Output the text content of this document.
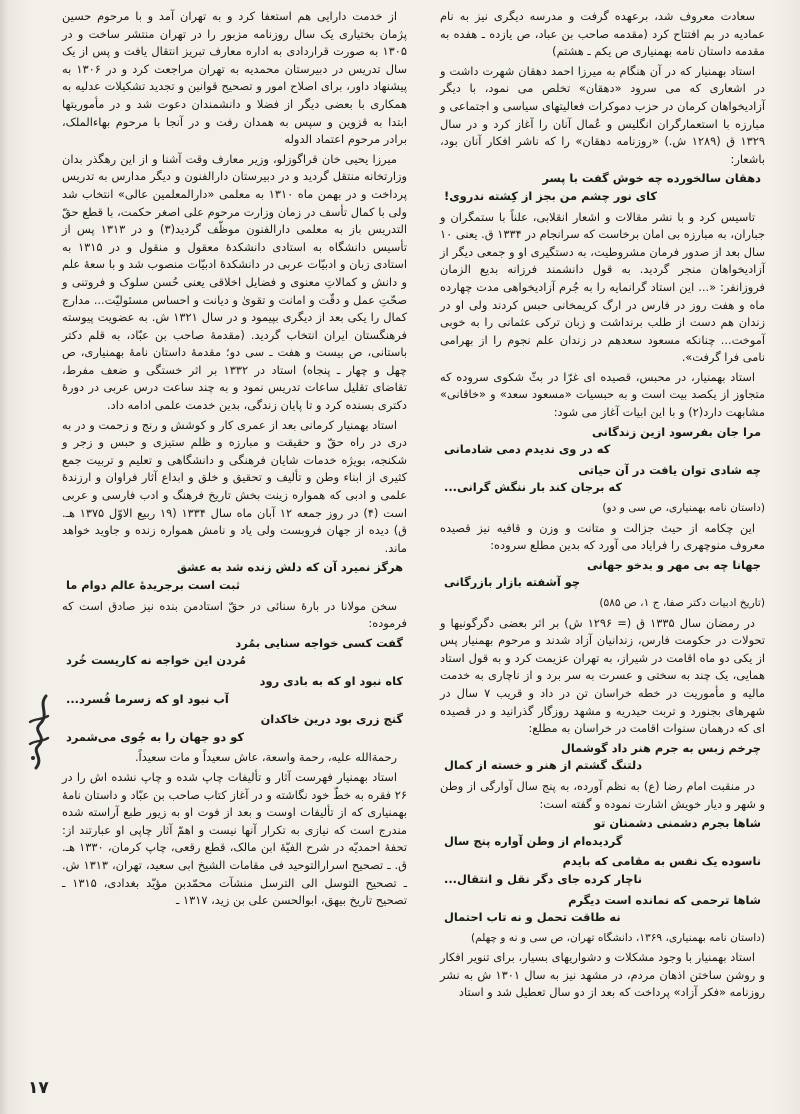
سعادت معروف شد، برعهده گرفت و مدرسه دیگری نیز به نام عمادیه در بم افتتاح کرد (مقدمه صاحب بن عباد، ص یازده ـ هفده به مقدمه داستان نامه بهمنیاری ص یکم ـ هشتم)

استاد بهمنیار که در آن هنگام به میرزا احمد دهقان شهرت داشت و در اشعاری که می سرود «دهقان» تخلص می نمود، با دیگر آزادیخواهان کرمان در حزب دموکرات فعالیتهای سیاسی و اجتماعی و مبارزه با استعمارگران انگلیس و عُمال آنان را آغاز کرد و در سال ۱۳۲۹ ق (۱۲۸۹ ش.) «روزنامه دهقان» را که ناشر افکار آنان بود، باشعار:

دهقان سالخورده چه خوش گفت با پسر
کای نور چشم من بجز از کِشته ندروی!

تاسیس کرد و با نشر مقالات و اشعار انقلابی، علناً با ستمگران و جباران، به مبارزه بی امان برخاست که سرانجام در ۱۳۳۴ ق. یعنی ۱۰ سال بعد از صدور فرمان مشروطیت، به دستگیری او و جمعی دیگر از آزادیخواهان منجر گردید. به قول دانشمند فرزانه بدیع الزمان فروزانفر: «... این استاد گرانمایه را به جُرم آزادیخواهی مدت چهارده ماه و هفت روز در فارس در ارگ کریمخانی حبس کردند ولی او در زندان هم دست از طلب برنداشت و زبان ترکی عثمانی را به خوبی آموخت... چنانکه مسعود سعدهم در زندان علم نجوم را از بهرامی نامی فرا گرفت».

استاد بهمنیار، در محبس، قصیده ای غرّا در بثّ شکوی سروده که متجاوز از یکصد بیت است و به حبسیات «مسعود سعد» و «خاقانی» مشابهت دارد(۲) و با این ابیات آغاز می شود:

مرا جان بفرسود ازین زندگانی
که در وی ندیدم دمی شادمانی
چه شادی توان یافت در آن حیاتی
که برجان کند بار ننگش گرانی...

(داستان نامه بهمنیاری، ص سی و دو)

این چکامه از حیث جزالت و متانت و وزن و قافیه نیز قصیده معروف منوچهری را فرایاد می آورد که بدین مطلع سروده:

جهانا چه بی مهر و بدخو جهانی
چو آشفته بازار بازرگانی

(تاریخ ادبیات دکتر صفا، ج ۱، ص ۵۸۵)

در رمضان سال ۱۳۳۵ ق (= ۱۲۹۶ ش) بر اثر بعضی دگرگونیها و تحولات در حکومت فارس، زندانیان آزاد شدند و مرحوم بهمنیار پس از یکی دو ماه اقامت در شیراز، به تهران عزیمت کرد و به قول استاد همایی، یک چند به سختی و عسرت به سر برد و از ناچاری به خدمت مالیه و مأموریت در خطه خراسان تن در داد و قریب ۷ سال در شهرهای بجنورد و تربت حیدریه و مشهد روزگار گذرانید و در قصیده ای که درهمان سنوات اقامت در خراسان به مطلع:

چرخم زبس به جرم هنر داد گوشمال
دلتنگ گشتم از هنر و خسته از کمال

در منقبت امام رضا (ع) به نظم آورده، به پنج سال آوارگی از وطن و شهر و دیار خویش اشارت نموده و گفته است:

شاها بجرم دشمنی دشمنان تو
گردیده‌ام از وطن آواره پنج سال
ناسوده یک نفس به مقامی که بایدم
ناچار کرده جای دگر نقل و انتقال...
شاها ترحمی که نمانده است دیگرم
نه طاقت تحمل و نه تاب احتمال

(داستان نامه بهمنیاری، ۱۳۶۹، دانشگاه تهران، ص سی و نه و چهلم)

استاد بهمنیار با وجود مشکلات و دشواریهای بسیار، برای تنویر افکار و روشن ساختن اذهان مردم، در مشهد نیز به سال ۱۳۰۱ ش به نشر روزنامه «فکر آزاد» پرداخت که بعد از دو سال تعطیل شد و استاد

از خدمت دارایی هم استعفا کرد و به تهران آمد و با مرحوم حسین پژمان بختیاری یک سال روزنامه مزبور را در تهران منتشر ساخت و در ۱۳۰۵ به صورت قراردادی به اداره معارف تبریز انتقال یافت و پس از یک سال تدریس در دبیرستان محمدیه به تهران مراجعت کرد و در ۱۳۰۶ به پیشنهاد داور، برای اصلاح امور و تصحیح قوانین و تجدید تشکیلات عدلیه به همکاری با بعضی دیگر از فضلا و دانشمندان دعوت شد و در مأموریتها ابتدا به قزوین و سپس به همدان رفت و در آنجا با مرحوم بهاءالملک، برادر مرحوم اعتماد الدوله

میرزا یحیی خان قراگوزلو، وزیر معارف وقت آشنا و از این رهگذر بدان وزارتخانه منتقل گردید و در دبیرستان دارالفنون و دیگر مدارس به تدریس پرداخت و در بهمن ماه ۱۳۱۰ به معلمی «دارالمعلمین عالی» انتخاب شد ولی با کمال تأسف در زمان وزارت مرحوم علی اصغر حکمت، با قطع حقّ التدریس باز به معلمی دارالفنون موظّف گردید(۳) و در ۱۳۱۳ پس از تأسیس دانشگاه به استادی دانشکدهٔ معقول و منقول و در ۱۳۱۵ به استادی زبان و ادبیّات عربی در دانشکدهٔ ادبیّات منصوب شد و با سعهٔ علم و دانش و کمالاتِ معنوی و فضایل اخلاقی یعنی حُسن سلوک و فروتنی و صحّتِ عمل و دقّت و امانت و تقویٰ و دیانت و احساس مسئولیّت... مدارج کمال را یکی بعد از دیگری بپیمود و در سال ۱۳۲۱ ش. به عضویت پیوسته فرهنگستان ایران انتخاب گردید. (مقدمهٔ صاحب بن عبّاد، به قلم دکتر باستانی، ص بیست و هفت ـ سی دو؛ مقدمهٔ داستان نامهٔ بهمنیاری، ص چهل و چهار ـ پنجاه) استاد در ۱۳۳۲ بر اثر خستگی و ضعف مفرط، تقاضای تقلیل ساعات تدریس نمود و به چند ساعت درس عربی در دورهٔ دکتری بسنده کرد و تا پایان زندگی، بدین خدمت علمی ادامه داد.

استاد بهمنیار کرمانی بعد از عمری کار و کوشش و رنج و زحمت و در به دری در راه حقّ و حقیقت و مبارزه و ظلم ستیزی و حبس و زجر و شکنجه، بویژه خدمات شایان فرهنگی و دانشگاهی و تعلیم و تربیت جمع کثیری از ابناء وطن و تألیف و تحقیق و خلق و ابداع آثار فراوان و ارزندهٔ علمی و ادبی که همواره زینت بخش تاریخ فرهنگ و ادب فارسی و عربی است (۴) در روز جمعه ۱۲ آبان ماه سال ۱۳۳۴ (۱۹ ربیع الاوّل ۱۳۷۵ هـ. ق) دیده از جهان فروبست ولی یاد و نامش همواره زنده و جاوید خواهد ماند.

هرگز نمیرد آن که دلش زنده شد به عشق
ثبت است برجریدهٔ عالم دوام ما

سخن مولانا در بارهٔ سنائی در حقّ استادمن بنده نیز صادق است که فرموده:

گفت کسی خواجه سنایی بمُرد
مُردن این خواجه نه کاریست خُرد
کاه نبود او که به بادی رود
آب نبود او که زسرما فُسرد...
گنج زری بود درین خاکدان
کو دو جهان را به جُوی می‌شمرد

رحمةالله علیه، رحمة واسعة، عاش سعیداً و مات سعیداً.

استاد بهمنیار فهرست آثار و تألیفات چاپ شده و چاپ نشده اش را در ۲۶ فقره به خطّ خود نگاشته و در آغاز کتاب صاحب بن عبّاد و داستان نامهٔ بهمنیاری که از تألیفات اوست و بعد از فوت او به زیور طبع آراسته شده مندرج است که نیازی به تکرار آنها نیست و اهمّ آثار چاپی او عبارتند از: تحفهٔ احمدیّه در شرح الفیّهٔ ابن مالک، قطع رقعی، چاپ کرمان، ۱۳۳۰ هـ. ق. ـ تصحیح اسرارالتوحید فی مقامات الشیخ ابی سعید، تهران، ۱۳۱۳ ش. ـ تصحیح التوسل الی الترسل منشآت محمّدبن مؤیّد بغدادی، ۱۳۱۵ ـ تصحیح تاریخ بیهق، ابوالحسن علی بن زید، ۱۳۱۷ ـ

۱۷
